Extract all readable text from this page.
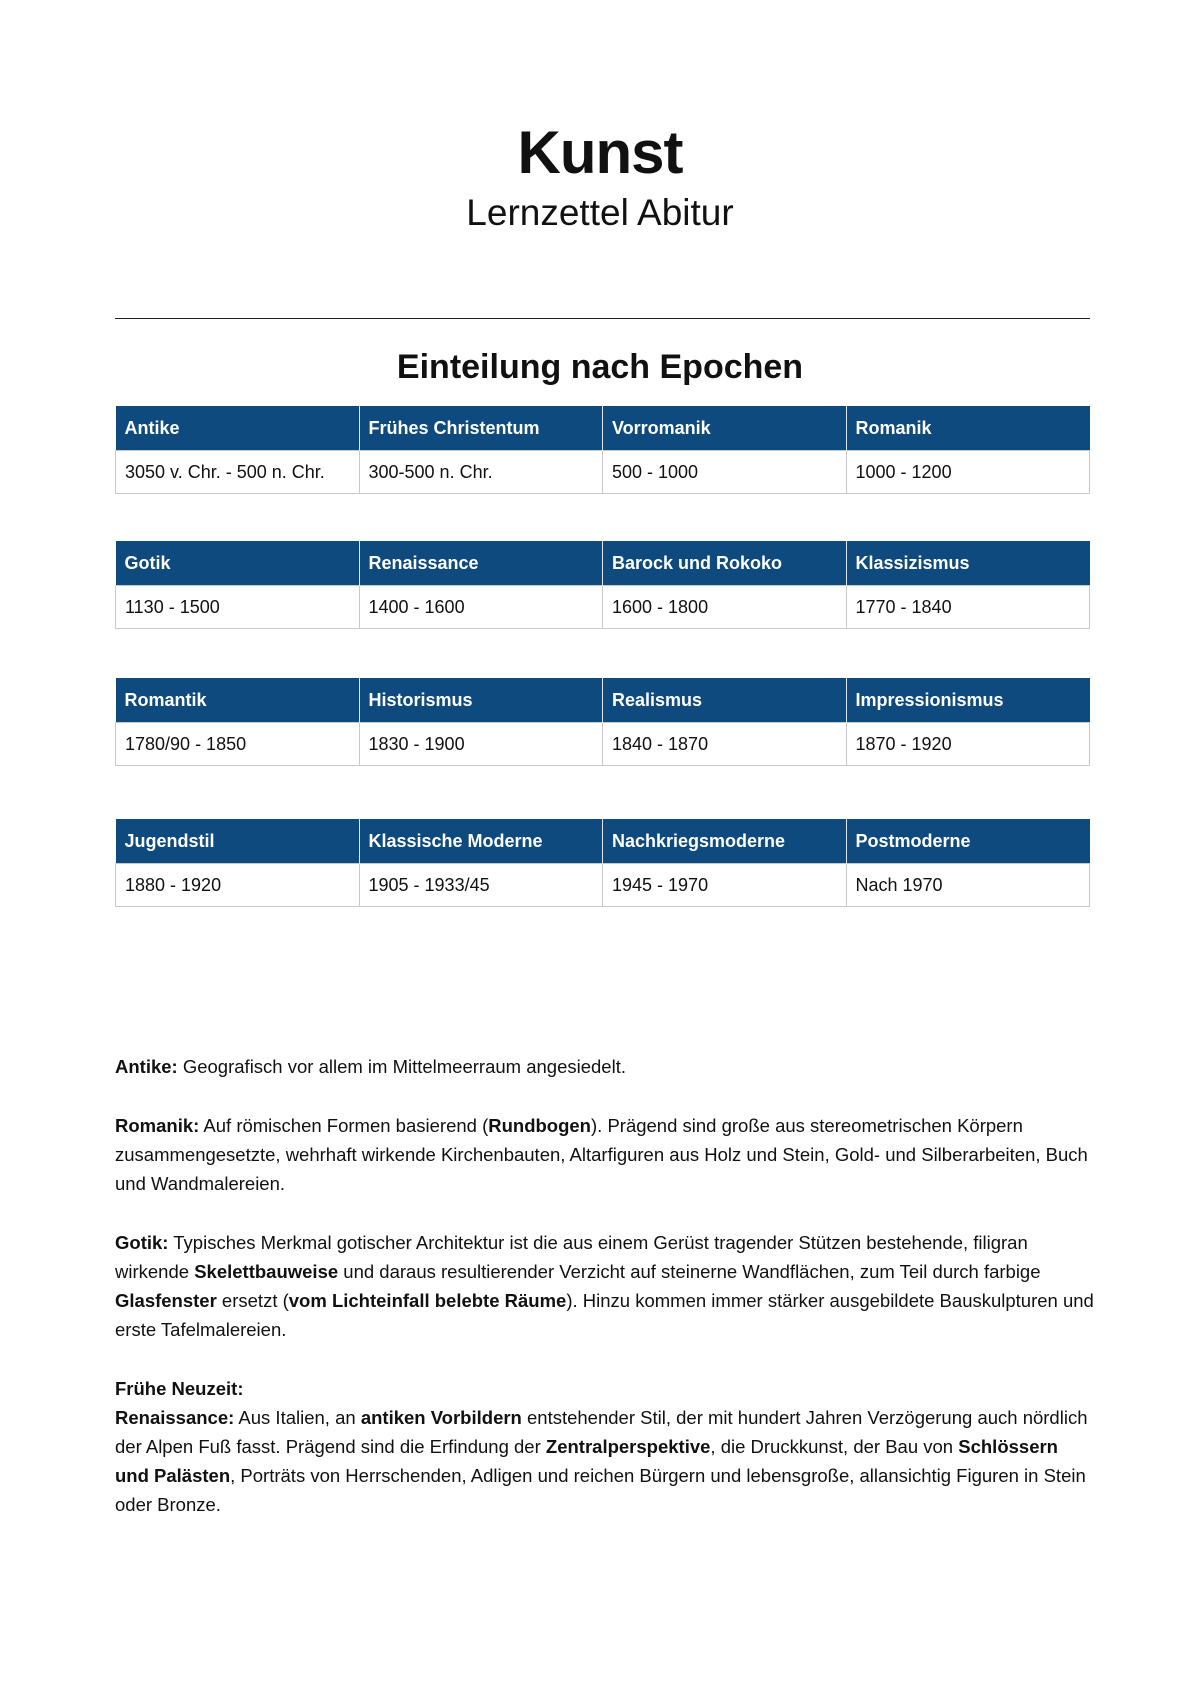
Kunst
Lernzettel Abitur
Einteilung nach Epochen
Antike	Frühes Christentum	Vorromanik	Romanik
3050 v. Chr. - 500 n. Chr.	300-500 n. Chr.	500 - 1000	1000 - 1200
Gotik	Renaissance	Barock und Rokoko	Klassizismus
1130 - 1500	1400 - 1600	1600 - 1800	1770 - 1840
Romantik	Historismus	Realismus	Impressionismus
1780/90 - 1850	1830 - 1900	1840 - 1870	1870 - 1920
Jugendstil	Klassische Moderne	Nachkriegsmoderne	Postmoderne
1880 - 1920	1905 - 1933/45	1945 - 1970	Nach 1970

Antike: Geografisch vor allem im Mittelmeerraum angesiedelt.

Romanik: Auf römischen Formen basierend (Rundbogen). Prägend sind große aus stereometrischen Körpern zusammengesetzte, wehrhaft wirkende Kirchenbauten, Altarfiguren aus Holz und Stein, Gold- und Silberarbeiten, Buch und Wandmalereien.

Gotik: Typisches Merkmal gotischer Architektur ist die aus einem Gerüst tragender Stützen bestehende, filigran wirkende Skelettbauweise und daraus resultierender Verzicht auf steinerne Wandflächen, zum Teil durch farbige Glasfenster ersetzt (vom Lichteinfall belebte Räume). Hinzu kommen immer stärker ausgebildete Bauskulpturen und erste Tafelmalereien.

Frühe Neuzeit:

Renaissance: Aus Italien, an antiken Vorbildern entstehender Stil, der mit hundert Jahren Verzögerung auch nördlich der Alpen Fuß fasst. Prägend sind die Erfindung der Zentralperspektive, die Druckkunst, der Bau von Schlössern und Palästen, Porträts von Herrschenden, Adligen und reichen Bürgern und lebensgroße, allansichtig Figuren in Stein oder Bronze.
